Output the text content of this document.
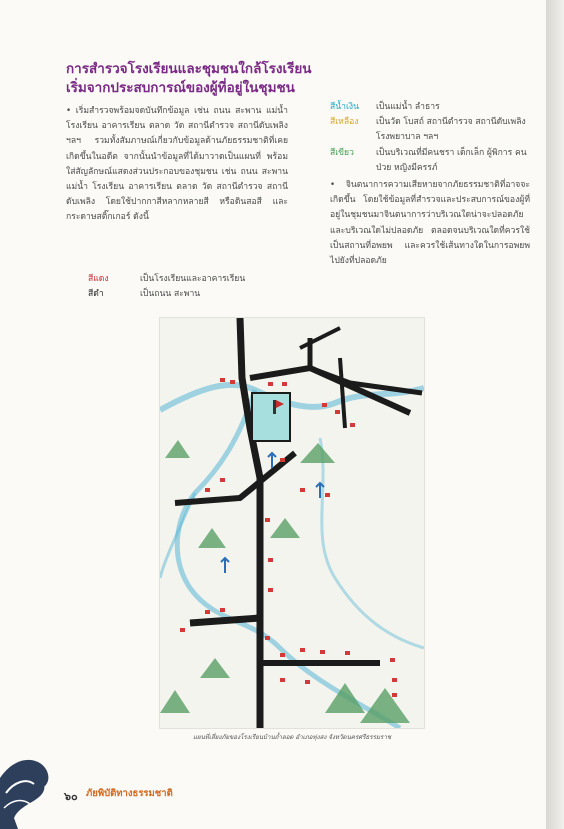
การสำรวจโรงเรียนและชุมชนใกล้โรงเรียน
เริ่มจากประสบการณ์ของผู้ที่อยู่ในชุมชน

• เริ่มสำรวจพร้อมจดบันทึกข้อมูล เช่น ถนน สะพาน แม่น้ำ โรงเรียน อาคารเรียน ตลาด วัด สถานีตำรวจ สถานีดับเพลิง ฯลฯ รวมทั้งสัมภาษณ์เกี่ยวกับข้อมูลด้านภัยธรรมชาติที่เคยเกิดขึ้นในอดีต จากนั้นนำข้อมูลที่ได้มาวาดเป็นแผนที่ พร้อมใส่สัญลักษณ์แสดงส่วนประกอบของชุมชน เช่น ถนน สะพาน แม่น้ำ โรงเรียน อาคารเรียน ตลาด วัด สถานีตำรวจ สถานีดับเพลิง โดยใช้ปากกาสีหลากหลายสี หรือดินสอสี และกระดาษสติ๊กเกอร์ ดังนี้

สีแดง	เป็นโรงเรียนและอาคารเรียน
สีดำ	เป็นถนน สะพาน
สีน้ำเงิน	เป็นแม่น้ำ ลำธาร
สีเหลือง	เป็นวัด โบสถ์ สถานีตำรวจ สถานีดับเพลิง โรงพยาบาล ฯลฯ
สีเขียว	เป็นบริเวณที่มีคนชรา เด็กเล็ก ผู้พิการ คนป่วย หญิงมีครรภ์

• จินตนาการความเสียหายจากภัยธรรมชาติที่อาจจะเกิดขึ้น โดยใช้ข้อมูลที่สำรวจและประสบการณ์ของผู้ที่อยู่ในชุมชนมาจินตนาการว่าบริเวณใดน่าจะปลอดภัยและบริเวณใดไม่ปลอดภัย ตลอดจนบริเวณใดที่ควรใช้เป็นสถานที่อพยพ และควรใช้เส้นทางใดในการอพยพไปยังที่ปลอดภัย

แผนที่เสี่ยงภัยของโรงเรียนบ้านถ้ำลอด อำเภอทุ่งสง จังหวัดนครศรีธรรมราช
๖๐ ภัยพิบัติทางธรรมชาติ
